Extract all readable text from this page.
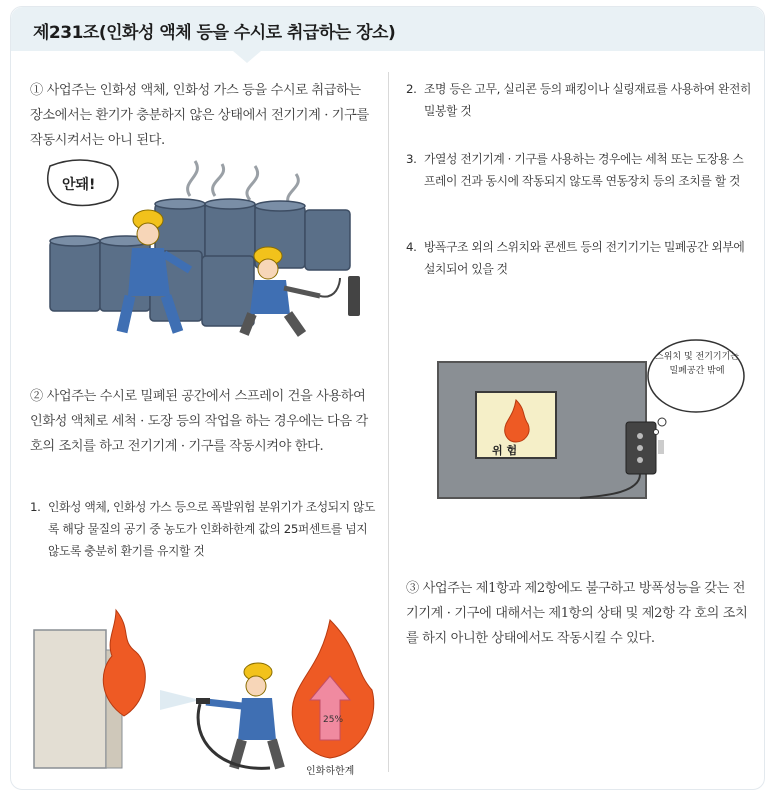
제231조(인화성 액체 등을 수시로 취급하는 장소)

① 사업주는 인화성 액체, 인화성 가스 등을 수시로 취급하는 장소에서는 환기가 충분하지 않은 상태에서 전기기계 · 기구를 작동시켜서는 아니 된다.

안돼!

② 사업주는 수시로 밀폐된 공간에서 스프레이 건을 사용하여 인화성 액체로 세척 · 도장 등의 작업을 하는 경우에는 다음 각 호의 조치를 하고 전기기계 · 기구를 작동시켜야 한다.

1. 인화성 액체, 인화성 가스 등으로 폭발위험 분위기가 조성되지 않도록 해당 물질의 공기 중 농도가 인화하한계 값의 25퍼센트를 넘지 않도록 충분히 환기를 유지할 것
25%
인화하한계
2. 조명 등은 고무, 실리콘 등의 패킹이나 실링재료를 사용하여 완전히 밀봉할 것
3. 가열성 전기기계 · 기구를 사용하는 경우에는 세척 또는 도장용 스프레이 건과 동시에 작동되지 않도록 연동장치 등의 조치를 할 것
4. 방폭구조 외의 스위치와 콘센트 등의 전기기기는 밀폐공간 외부에 설치되어 있을 것
위 험
스위치 및 전기기기는 밀폐공간 밖에

③ 사업주는 제1항과 제2항에도 불구하고 방폭성능을 갖는 전기기계 · 기구에 대해서는 제1항의 상태 및 제2항 각 호의 조치를 하지 아니한 상태에서도 작동시킬 수 있다.
